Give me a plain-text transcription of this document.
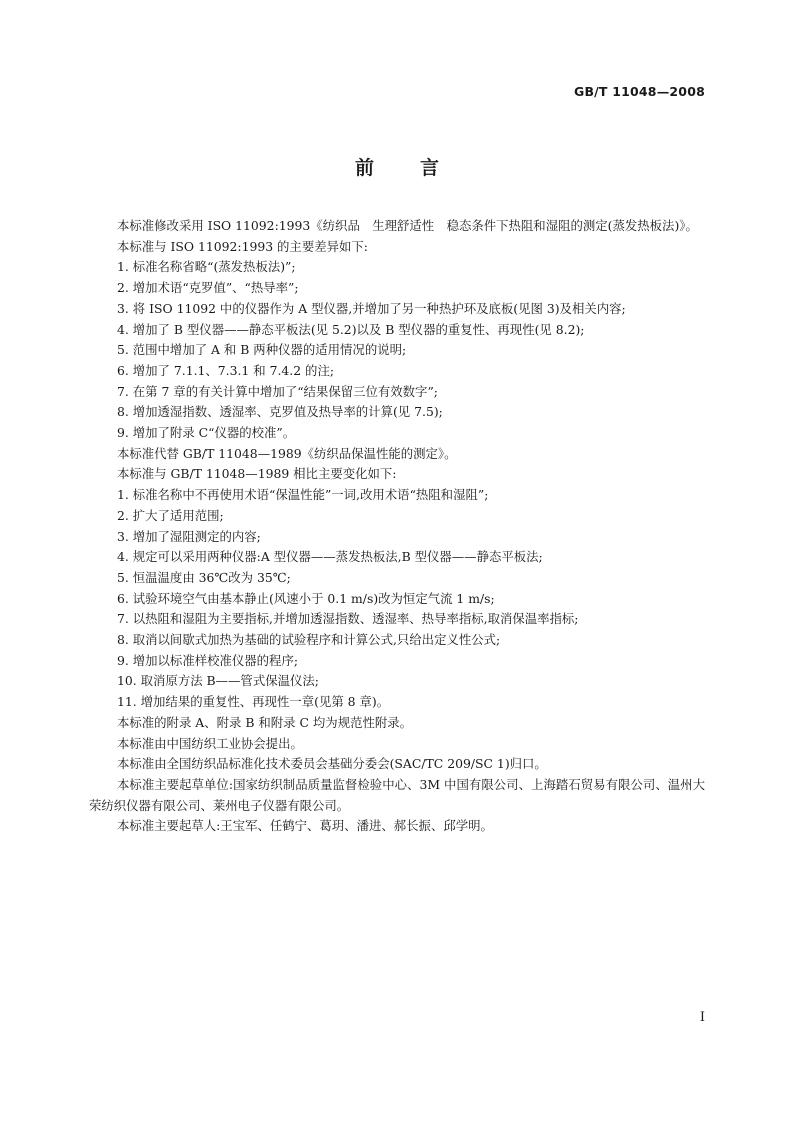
GB/T 11048—2008
前言

本标准修改采用 ISO 11092:1993《纺织品　生理舒适性　稳态条件下热阻和湿阻的测定(蒸发热板法)》。

本标准与 ISO 11092:1993 的主要差异如下:

1. 标准名称省略“(蒸发热板法)”;

2. 增加术语“克罗值”、“热导率”;

3. 将 ISO 11092 中的仪器作为 A 型仪器,并增加了另一种热护环及底板(见图 3)及相关内容;

4. 增加了 B 型仪器——静态平板法(见 5.2)以及 B 型仪器的重复性、再现性(见 8.2);

5. 范围中增加了 A 和 B 两种仪器的适用情况的说明;

6. 增加了 7.1.1、7.3.1 和 7.4.2 的注;

7. 在第 7 章的有关计算中增加了“结果保留三位有效数字”;

8. 增加透湿指数、透湿率、克罗值及热导率的计算(见 7.5);

9. 增加了附录 C“仪器的校准”。

本标准代替 GB/T 11048—1989《纺织品保温性能的测定》。

本标准与 GB/T 11048—1989 相比主要变化如下:

1. 标准名称中不再使用术语“保温性能”一词,改用术语“热阻和湿阻”;

2. 扩大了适用范围;

3. 增加了湿阻测定的内容;

4. 规定可以采用两种仪器:A 型仪器——蒸发热板法,B 型仪器——静态平板法;

5. 恒温温度由 36℃改为 35℃;

6. 试验环境空气由基本静止(风速小于 0.1 m/s)改为恒定气流 1 m/s;

7. 以热阻和湿阻为主要指标,并增加透湿指数、透湿率、热导率指标,取消保温率指标;

8. 取消以间歇式加热为基础的试验程序和计算公式,只给出定义性公式;

9. 增加以标准样校准仪器的程序;

10. 取消原方法 B——管式保温仪法;

11. 增加结果的重复性、再现性一章(见第 8 章)。

本标准的附录 A、附录 B 和附录 C 均为规范性附录。

本标准由中国纺织工业协会提出。

本标准由全国纺织品标准化技术委员会基础分委会(SAC/TC 209/SC 1)归口。

本标准主要起草单位:国家纺织制品质量监督检验中心、3M 中国有限公司、上海踏石贸易有限公司、温州大荣纺织仪器有限公司、莱州电子仪器有限公司。

本标准主要起草人:王宝军、任鹤宁、葛玥、潘进、郝长振、邱学明。

I
